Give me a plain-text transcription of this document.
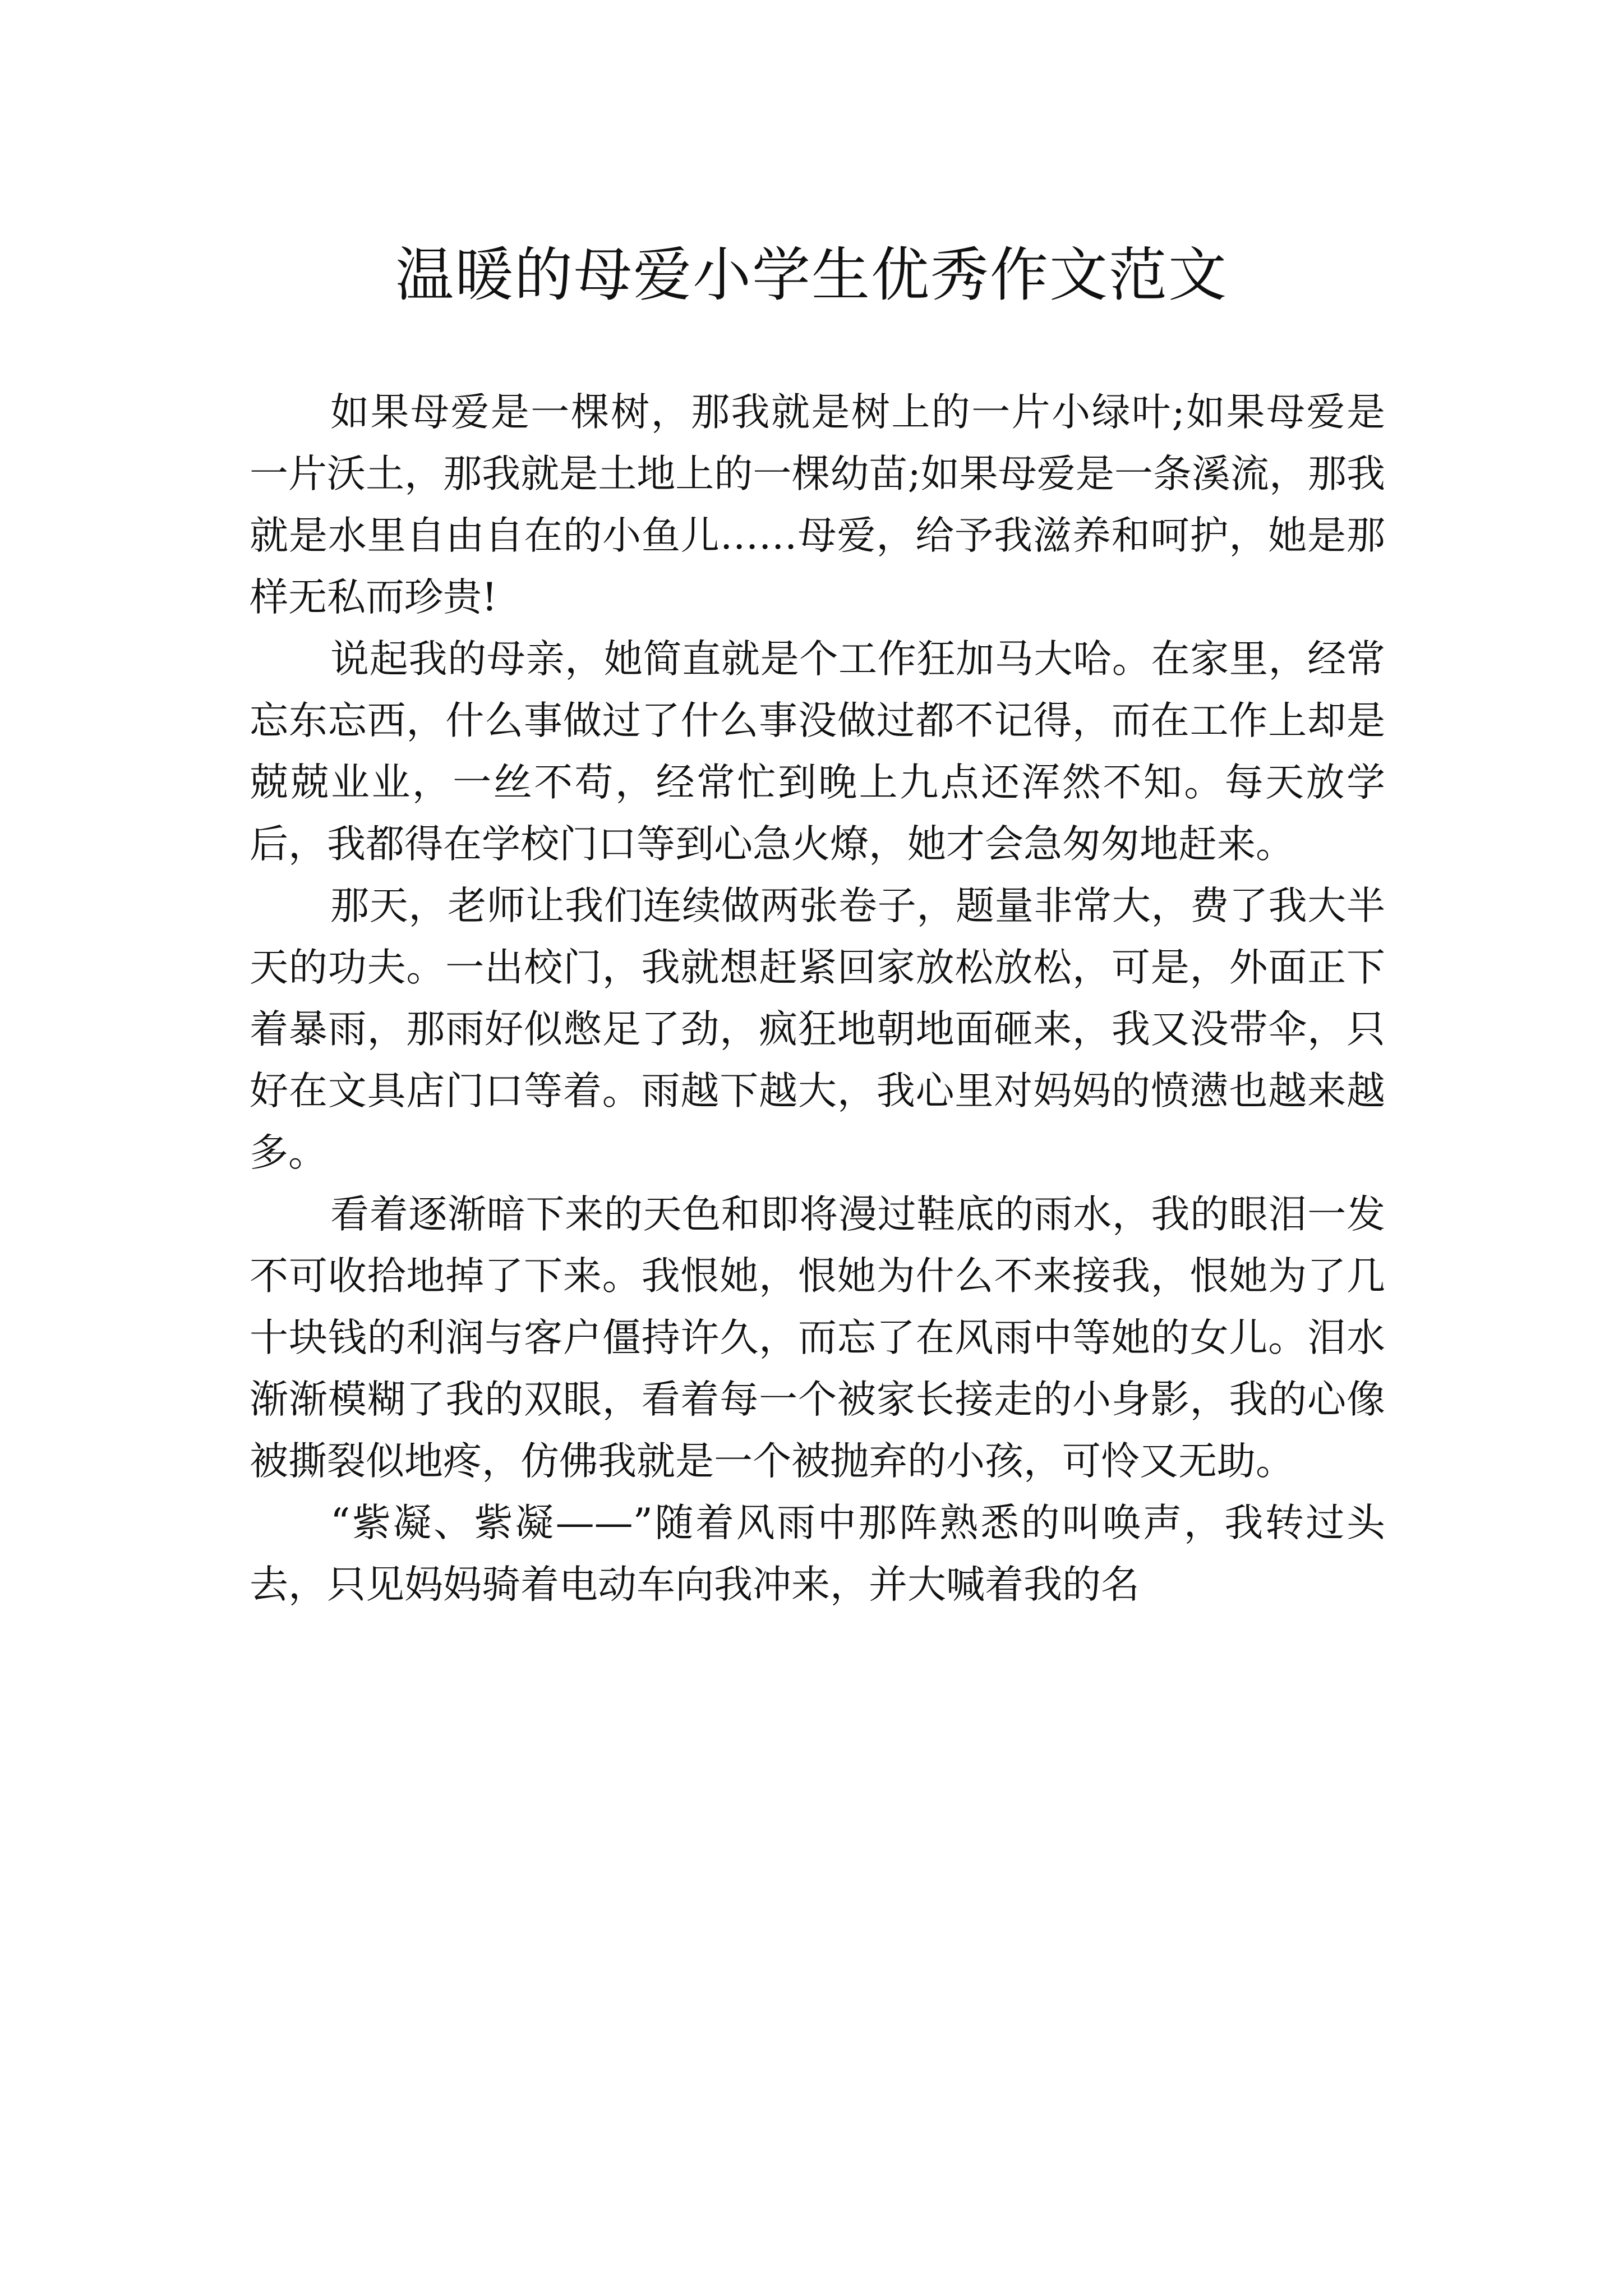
温暖的母爱小学生优秀作文范文

如果母爱是一棵树，那我就是树上的一片小绿叶;如果母爱是一片沃土，那我就是土地上的一棵幼苗;如果母爱是一条溪流，那我就是水里自由自在的小鱼儿……母爱，给予我滋养和呵护，她是那样无私而珍贵!

说起我的母亲，她简直就是个工作狂加马大哈。在家里，经常忘东忘西，什么事做过了什么事没做过都不记得，而在工作上却是兢兢业业，一丝不苟，经常忙到晚上九点还浑然不知。每天放学后，我都得在学校门口等到心急火燎，她才会急匆匆地赶来。

那天，老师让我们连续做两张卷子，题量非常大，费了我大半天的功夫。一出校门，我就想赶紧回家放松放松，可是，外面正下着暴雨，那雨好似憋足了劲，疯狂地朝地面砸来，我又没带伞，只好在文具店门口等着。雨越下越大，我心里对妈妈的愤懑也越来越多。

看着逐渐暗下来的天色和即将漫过鞋底的雨水，我的眼泪一发不可收拾地掉了下来。我恨她，恨她为什么不来接我，恨她为了几十块钱的利润与客户僵持许久，而忘了在风雨中等她的女儿。泪水渐渐模糊了我的双眼，看着每一个被家长接走的小身影，我的心像被撕裂似地疼，仿佛我就是一个被抛弃的小孩，可怜又无助。

“紫凝、紫凝——”随着风雨中那阵熟悉的叫唤声，我转过头去，只见妈妈骑着电动车向我冲来，并大喊着我的名
